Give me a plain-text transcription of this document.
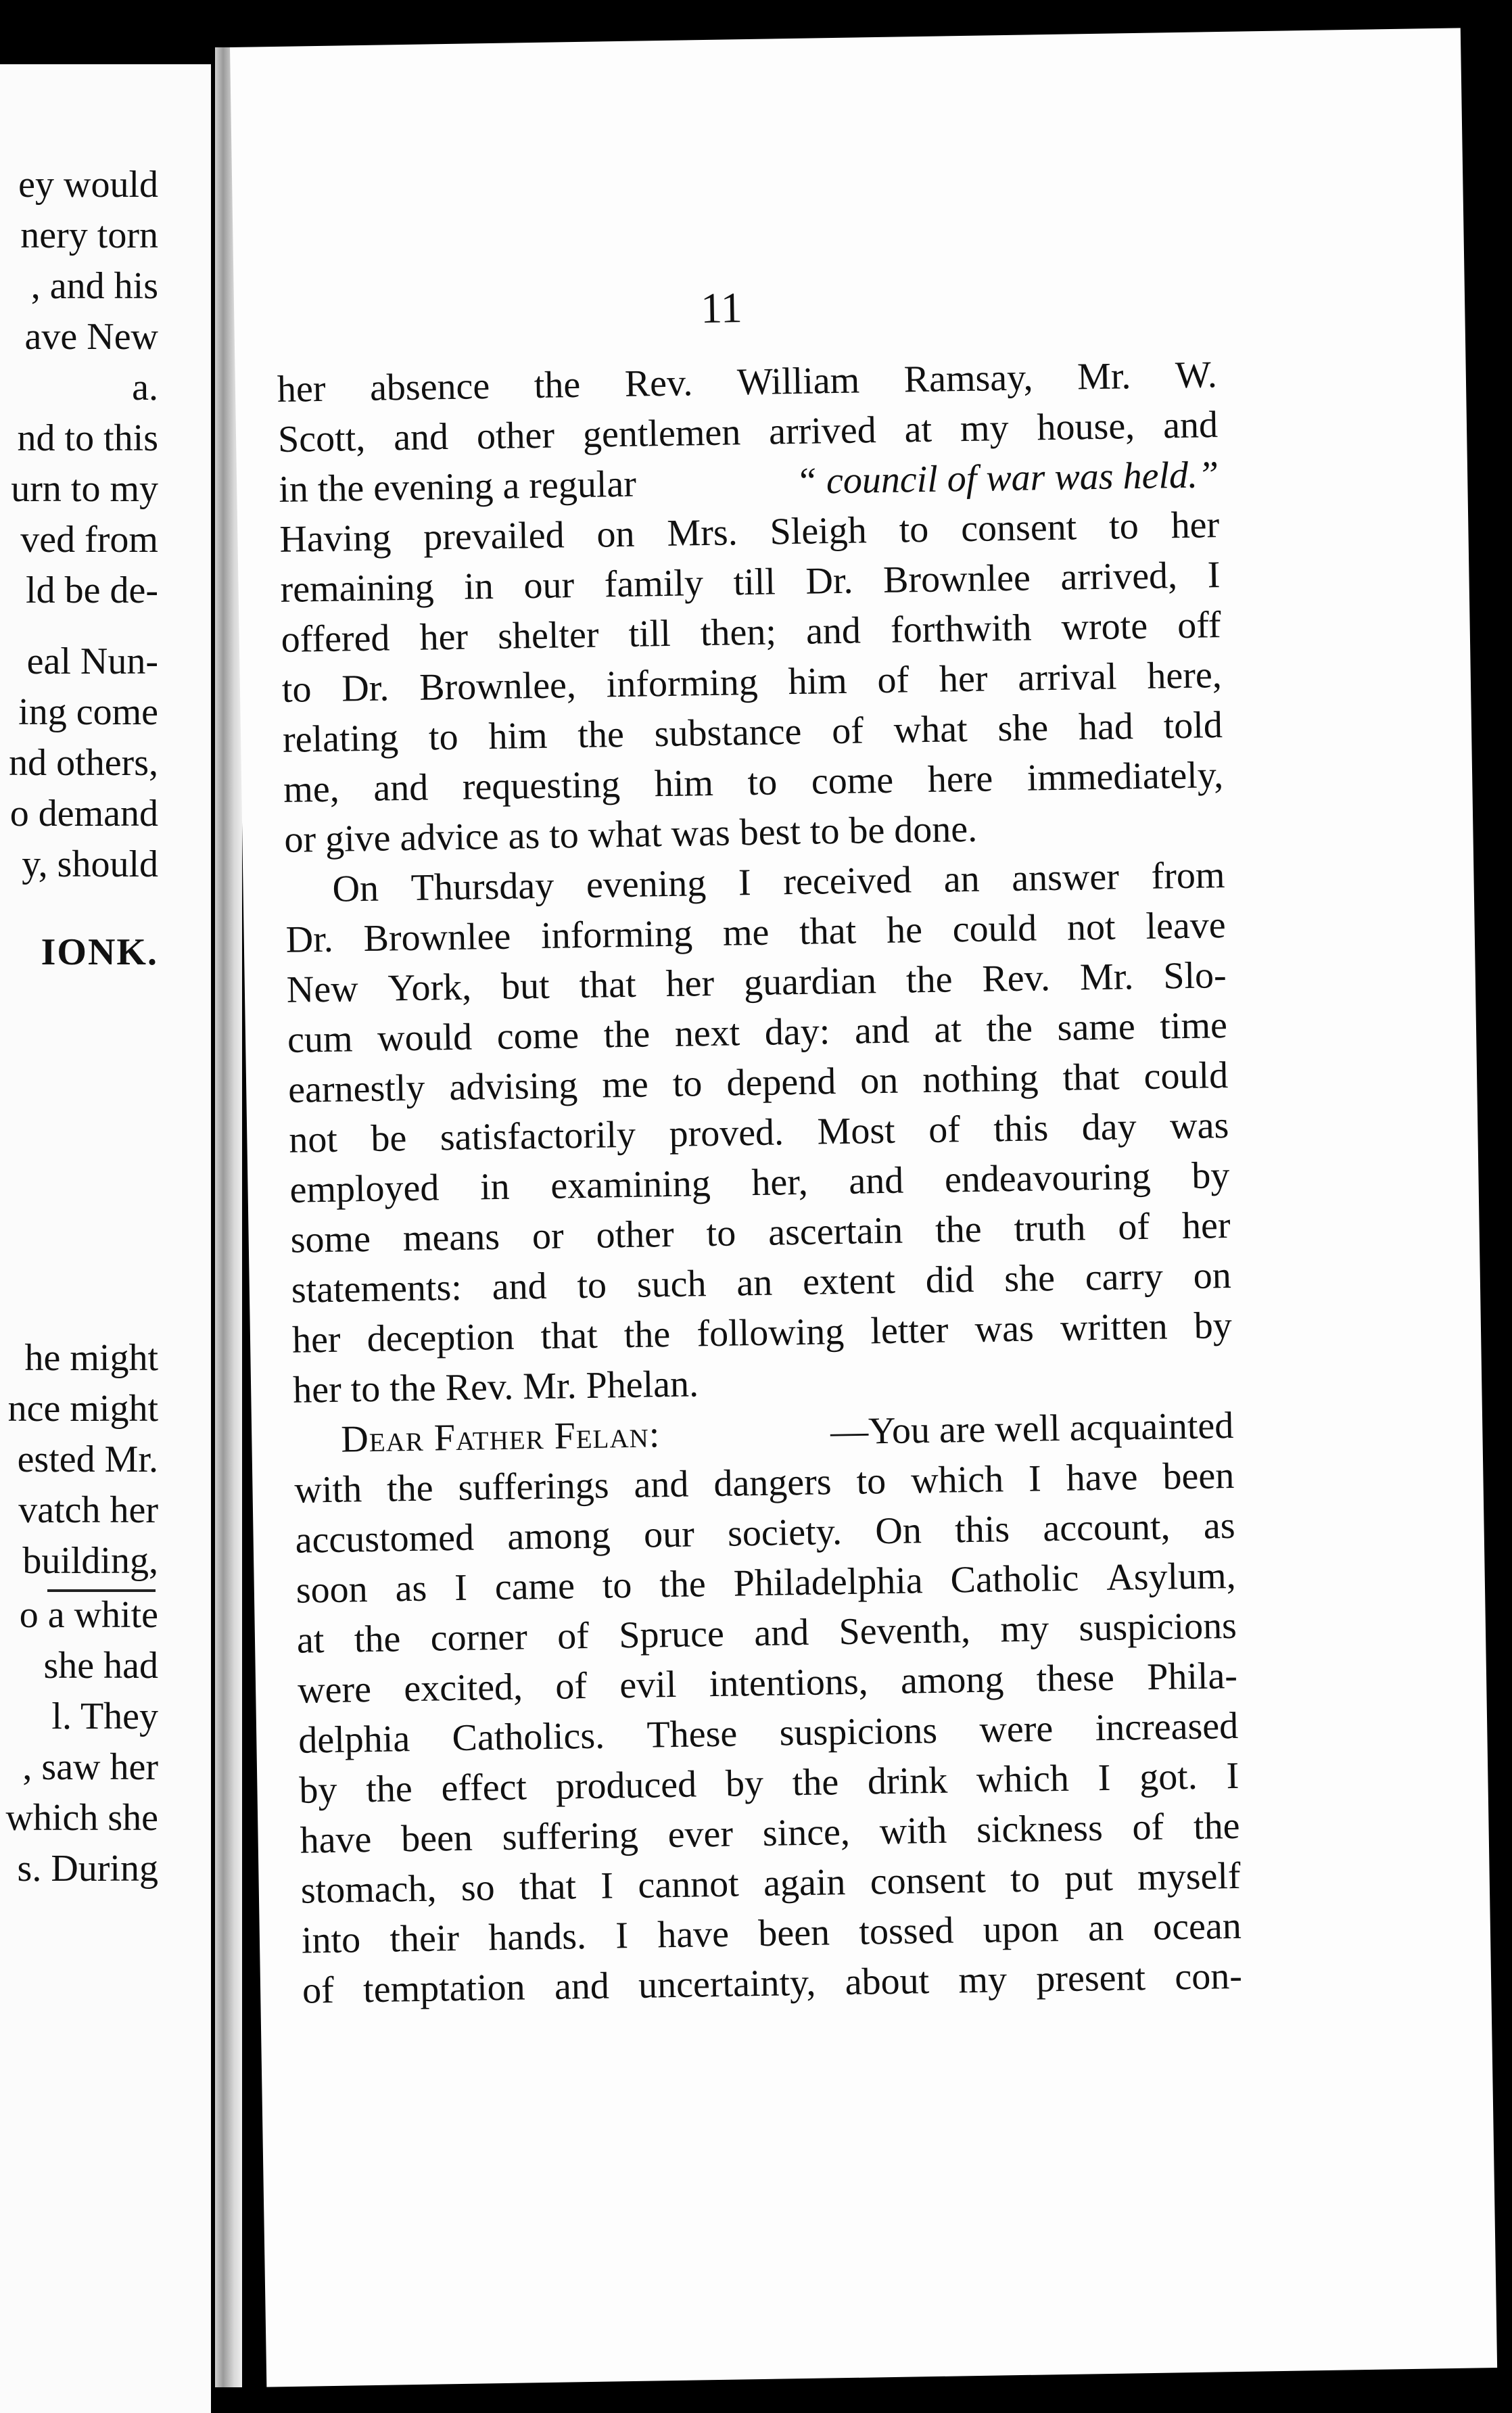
ey would
nery torn
, and his
ave New
a.
nd to this
urn to my
ved from
ld be de-
eal Nun-
ing come
nd others,
o demand
y, should
IONK.
he might
nce might
ested Mr.
vatch her
building,
o a white
she had
l. They
, saw her
which she
s. During
11
her absence the Rev. William Ramsay, Mr. W.
Scott, and other gentlemen arrived at my house, and
in the evening a regular	“ council of war was held.”
Having prevailed on Mrs. Sleigh to consent to her
remaining in our family till Dr. Brownlee arrived, I
offered her shelter till then; and forthwith wrote off
to Dr. Brownlee, informing him of her arrival here,
relating to him the substance of what she had told
me, and requesting him to come here immediately,
or give advice as to what was best to be done.
On Thursday evening I received an answer from
Dr. Brownlee informing me that he could not leave
New York, but that her guardian the Rev. Mr. Slo-
cum would come the next day: and at the same time
earnestly advising me to depend on nothing that could
not be satisfactorily proved. Most of this day was
employed in examining her, and endeavouring by
some means or other to ascertain the truth of her
statements: and to such an extent did she carry on
her deception that the following letter was written by
her to the Rev. Mr. Phelan.
Dear Father Felan:	—You are well acquainted
with the sufferings and dangers to which I have been
accustomed among our society. On this account, as
soon as I came to the Philadelphia Catholic Asylum,
at the corner of Spruce and Seventh, my suspicions
were excited, of evil intentions, among these Phila-
delphia Catholics. These suspicions were increased
by the effect produced by the drink which I got. I
have been suffering ever since, with sickness of the
stomach, so that I cannot again consent to put myself
into their hands. I have been tossed upon an ocean
of temptation and uncertainty, about my present con-
